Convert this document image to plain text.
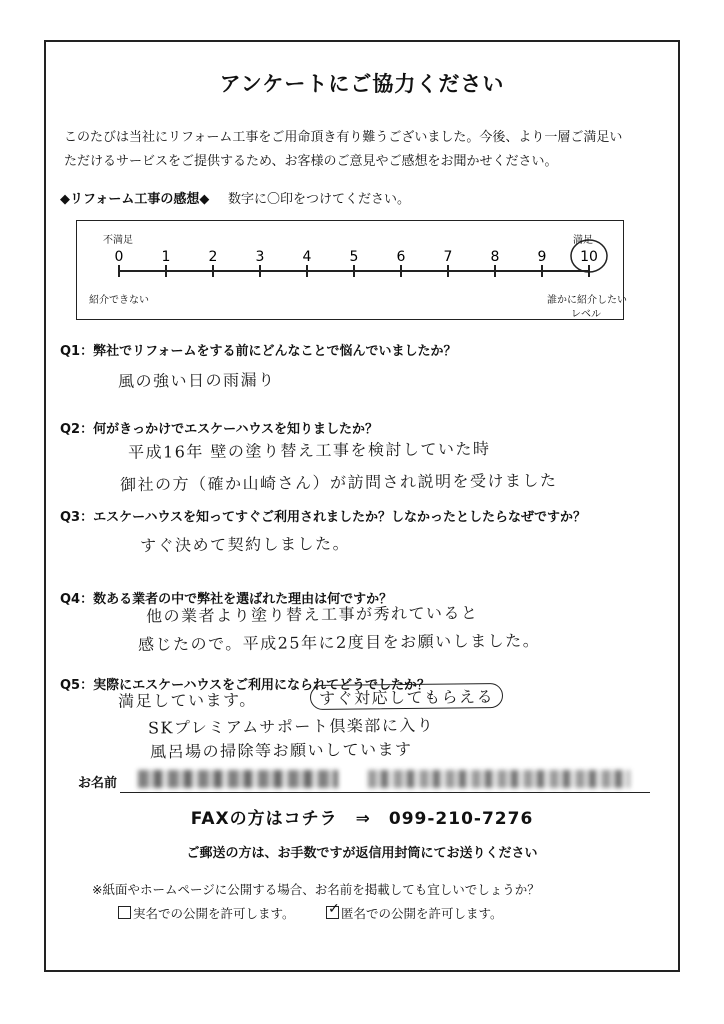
アンケートにご協力ください
このたびは当社にリフォーム工事をご用命頂き有り難うございました。今後、より一層ご満足い
ただけるサービスをご提供するため、お客様のご意見やご感想をお聞かせください。
◆リフォーム工事の感想◆ 数字に〇印をつけてください。
0	1	2	3	4	5	6	7	8	9 10
不満足	満足
紹介できない	誰かに紹介したい
レベル
Q1：弊社でリフォームをする前にどんなことで悩んでいましたか？
風の強い日の雨漏り
Q2：何がきっかけでエスケーハウスを知りましたか？
平成16年 壁の塗り替え工事を検討していた時
御社の方（確か山崎さん）が訪問され説明を受けました
Q3：エスケーハウスを知ってすぐご利用されましたか？しなかったとしたらなぜですか？
すぐ決めて契約しました。
Q4：数ある業者の中で弊社を選ばれた理由は何ですか？
他の業者より塗り替え工事が秀れていると
感じたので。平成25年に2度目をお願いしました。
Q5：実際にエスケーハウスをご利用になられてどうでしたか？
満足しています。	すぐ対応してもらえる
SKプレミアムサポート倶楽部に入り
風呂場の掃除等お願いしています
お名前
FAXの方はコチラ　⇒　099-210-7276
ご郵送の方は、お手数ですが返信用封筒にてお送りください
※紙面やホームページに公開する場合、お名前を掲載しても宜しいでしょうか？
実名での公開を許可します。 ✓ 匿名での公開を許可します。
